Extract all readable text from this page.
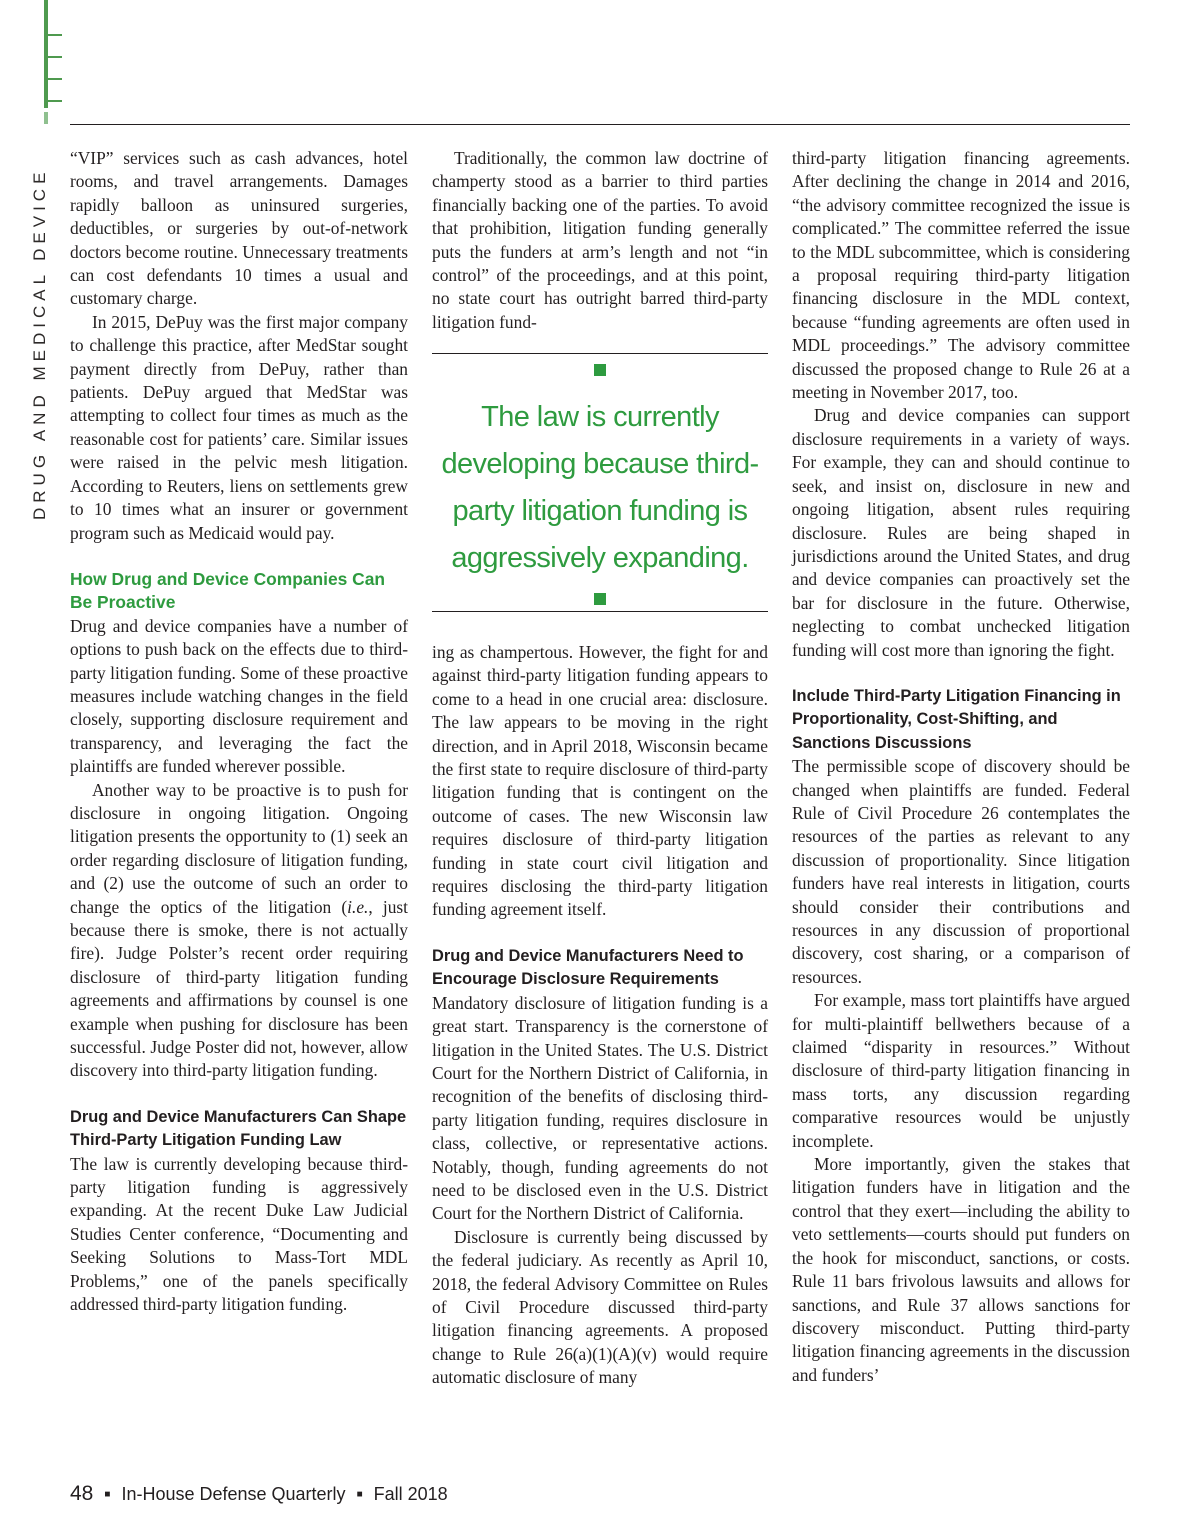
DRUG AND MEDICAL DEVICE

“VIP” services such as cash advances, hotel rooms, and travel arrangements. Damages rapidly balloon as uninsured surgeries, deductibles, or surgeries by out-of-network doctors become routine. Unnecessary treatments can cost defendants 10 times a usual and customary charge.

In 2015, DePuy was the first major company to challenge this practice, after MedStar sought payment directly from DePuy, rather than patients. DePuy argued that MedStar was attempting to collect four times as much as the reasonable cost for patients’ care. Similar issues were raised in the pelvic mesh litigation. According to Reuters, liens on settlements grew to 10 times what an insurer or government program such as Medicaid would pay.

How Drug and Device Companies Can Be Proactive

Drug and device companies have a number of options to push back on the effects due to third-party litigation funding. Some of these proactive measures include watching changes in the field closely, supporting disclosure requirement and transparency, and leveraging the fact the plaintiffs are funded wherever possible.

Another way to be proactive is to push for disclosure in ongoing litigation. Ongoing litigation presents the opportunity to (1) seek an order regarding disclosure of litigation funding, and (2) use the outcome of such an order to change the optics of the litigation (i.e., just because there is smoke, there is not actually fire). Judge Polster’s recent order requiring disclosure of third-party litigation funding agreements and affirmations by counsel is one example when pushing for disclosure has been successful. Judge Poster did not, however, allow discovery into third-party litigation funding.

Drug and Device Manufacturers Can Shape Third-Party Litigation Funding Law

The law is currently developing because third-party litigation funding is aggressively expanding. At the recent Duke Law Judicial Studies Center conference, “Documenting and Seeking Solutions to Mass-Tort MDL Problems,” one of the panels specifically addressed third-party litigation funding.

Traditionally, the common law doctrine of champerty stood as a barrier to third parties financially backing one of the parties. To avoid that prohibition, litigation funding generally puts the funders at arm’s length and not “in control” of the proceedings, and at this point, no state court has outright barred third-party litigation fund-

The law is currently developing because third-party litigation funding is aggressively expanding.

ing as champertous. However, the fight for and against third-party litigation funding appears to come to a head in one crucial area: disclosure. The law appears to be moving in the right direction, and in April 2018, Wisconsin became the first state to require disclosure of third-party litigation funding that is contingent on the outcome of cases. The new Wisconsin law requires disclosure of third-party litigation funding in state court civil litigation and requires disclosing the third-party litigation funding agreement itself.

Drug and Device Manufacturers Need to Encourage Disclosure Requirements

Mandatory disclosure of litigation funding is a great start. Transparency is the cornerstone of litigation in the United States. The U.S. District Court for the Northern District of California, in recognition of the benefits of disclosing third-party litigation funding, requires disclosure in class, collective, or representative actions. Notably, though, funding agreements do not need to be disclosed even in the U.S. District Court for the Northern District of California.

Disclosure is currently being discussed by the federal judiciary. As recently as April 10, 2018, the federal Advisory Committee on Rules of Civil Procedure discussed third-party litigation financing agreements. A proposed change to Rule 26(a)(1)(A)(v) would require automatic disclosure of many

third-party litigation financing agreements. After declining the change in 2014 and 2016, “the advisory committee recognized the issue is complicated.” The committee referred the issue to the MDL subcommittee, which is considering a proposal requiring third-party litigation financing disclosure in the MDL context, because “funding agreements are often used in MDL proceedings.” The advisory committee discussed the proposed change to Rule 26 at a meeting in November 2017, too.

Drug and device companies can support disclosure requirements in a variety of ways. For example, they can and should continue to seek, and insist on, disclosure in new and ongoing litigation, absent rules requiring disclosure. Rules are being shaped in jurisdictions around the United States, and drug and device companies can proactively set the bar for disclosure in the future. Otherwise, neglecting to combat unchecked litigation funding will cost more than ignoring the fight.

Include Third-Party Litigation Financing in Proportionality, Cost-Shifting, and Sanctions Discussions

The permissible scope of discovery should be changed when plaintiffs are funded. Federal Rule of Civil Procedure 26 contemplates the resources of the parties as relevant to any discussion of proportionality. Since litigation funders have real interests in litigation, courts should consider their contributions and resources in any discussion of proportional discovery, cost sharing, or a comparison of resources.

For example, mass tort plaintiffs have argued for multi-plaintiff bellwethers because of a claimed “disparity in resources.” Without disclosure of third-party litigation financing in mass torts, any discussion regarding comparative resources would be unjustly incomplete.

More importantly, given the stakes that litigation funders have in litigation and the control that they exert—including the ability to veto settlements—courts should put funders on the hook for misconduct, sanctions, or costs. Rule 11 bars frivolous lawsuits and allows for sanctions, and Rule 37 allows sanctions for discovery misconduct. Putting third-party litigation financing agreements in the discussion and funders’

48 ■ In-House Defense Quarterly ■ Fall 2018
